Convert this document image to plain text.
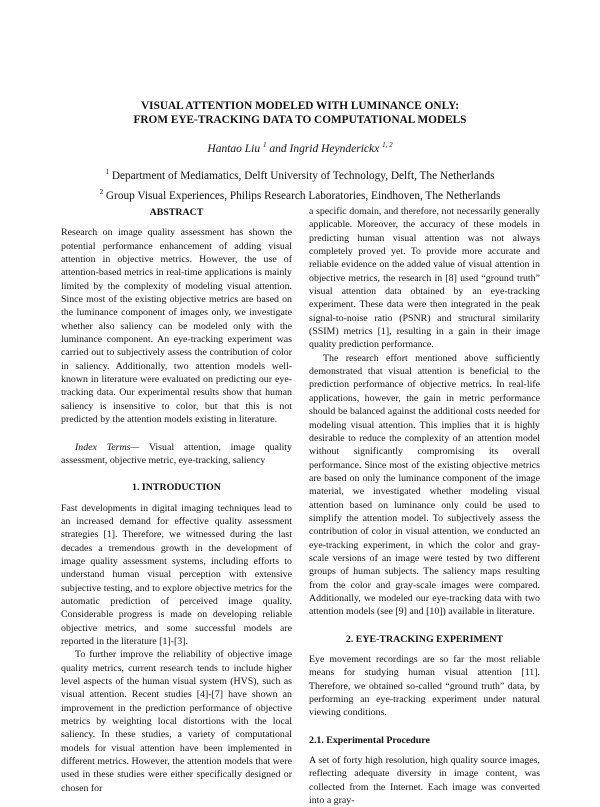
VISUAL ATTENTION MODELED WITH LUMINANCE ONLY:
FROM EYE-TRACKING DATA TO COMPUTATIONAL MODELS
Hantao Liu $^1$ and Ingrid Heynderickx $^{1, 2}$
$^1$ Department of Mediamatics, Delft University of Technology, Delft, The Netherlands
$^2$ Group Visual Experiences, Philips Research Laboratories, Eindhoven, The Netherlands
ABSTRACT

Research on image quality assessment has shown the potential performance enhancement of adding visual attention in objective metrics. However, the use of attention-based metrics in real-time applications is mainly limited by the complexity of modeling visual attention. Since most of the existing objective metrics are based on the luminance component of images only, we investigate whether also saliency can be modeled only with the luminance component. An eye-tracking experiment was carried out to subjectively assess the contribution of color in saliency. Additionally, two attention models well-known in literature were evaluated on predicting our eye-tracking data. Our experimental results show that human saliency is insensitive to color, but that this is not predicted by the attention models existing in literature.

Index Terms— Visual attention, image quality assessment, objective metric, eye-tracking, saliency

1. INTRODUCTION

Fast developments in digital imaging techniques lead to an increased demand for effective quality assessment strategies [1]. Therefore, we witnessed during the last decades a tremendous growth in the development of image quality assessment systems, including efforts to understand human visual perception with extensive subjective testing, and to explore objective metrics for the automatic prediction of perceived image quality. Considerable progress is made on developing reliable objective metrics, and some successful models are reported in the literature [1]-[3].

To further improve the reliability of objective image quality metrics, current research tends to include higher level aspects of the human visual system (HVS), such as visual attention. Recent studies [4]-[7] have shown an improvement in the prediction performance of objective metrics by weighting local distortions with the local saliency. In these studies, a variety of computational models for visual attention have been implemented in different metrics. However, the attention models that were used in these studies were either specifically designed or chosen for

a specific domain, and therefore, not necessarily generally applicable. Moreover, the accuracy of these models in predicting human visual attention was not always completely proved yet. To provide more accurate and reliable evidence on the added value of visual attention in objective metrics, the research in [8] used “ground truth” visual attention data obtained by an eye-tracking experiment. These data were then integrated in the peak signal-to-noise ratio (PSNR) and structural similarity (SSIM) metrics [1], resulting in a gain in their image quality prediction performance.

The research effort mentioned above sufficiently demonstrated that visual attention is beneficial to the prediction performance of objective metrics. In real-life applications, however, the gain in metric performance should be balanced against the additional costs needed for modeling visual attention. This implies that it is highly desirable to reduce the complexity of an attention model without significantly compromising its overall performance. Since most of the existing objective metrics are based on only the luminance component of the image material, we investigated whether modeling visual attention based on luminance only could be used to simplify the attention model. To subjectively assess the contribution of color in visual attention, we conducted an eye-tracking experiment, in which the color and gray-scale versions of an image were tested by two different groups of human subjects. The saliency maps resulting from the color and gray-scale images were compared. Additionally, we modeled our eye-tracking data with two attention models (see [9] and [10]) available in literature.

2. EYE-TRACKING EXPERIMENT

Eye movement recordings are so far the most reliable means for studying human visual attention [11]. Therefore, we obtained so-called “ground truth” data, by performing an eye-tracking experiment under natural viewing conditions.

2.1. Experimental Procedure

A set of forty high resolution, high quality source images, reflecting adequate diversity in image content, was collected from the Internet. Each image was converted into a gray-
